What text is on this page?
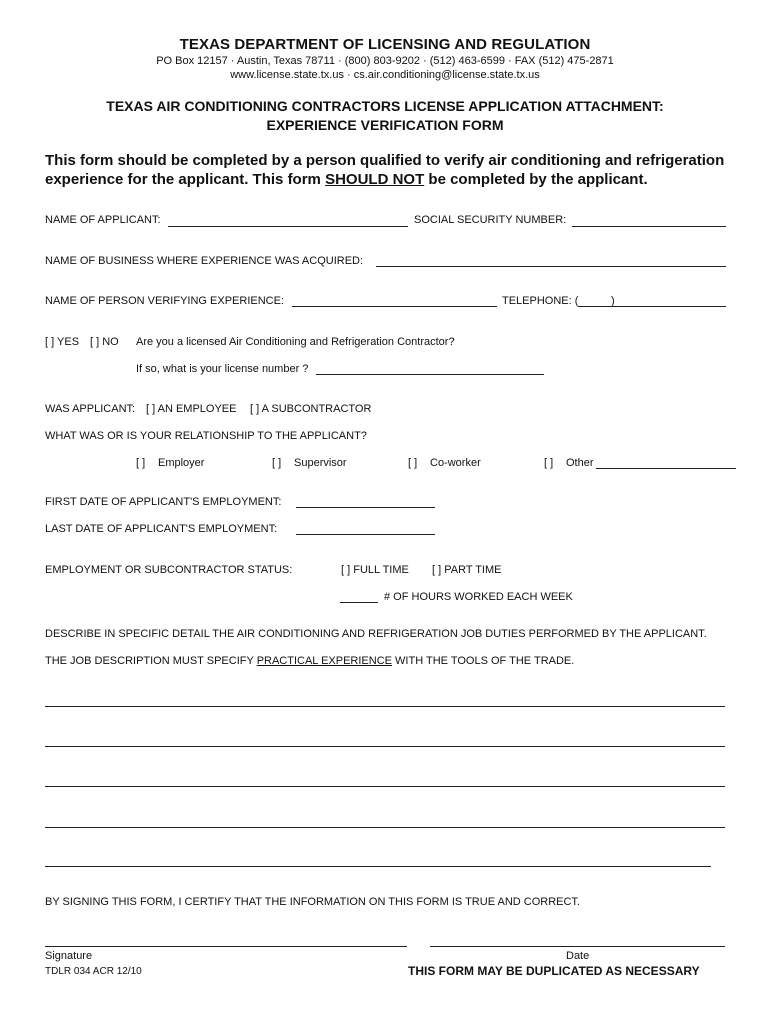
TEXAS DEPARTMENT OF LICENSING AND REGULATION
PO Box 12157 · Austin, Texas 78711 · (800) 803-9202 · (512) 463-6599 · FAX (512) 475-2871
www.license.state.tx.us · cs.air.conditioning@license.state.tx.us
TEXAS AIR CONDITIONING CONTRACTORS LICENSE APPLICATION ATTACHMENT:
EXPERIENCE VERIFICATION FORM
This form should be completed by a person qualified to verify air conditioning and refrigeration
experience for the applicant. This form SHOULD NOT be completed by the applicant.
NAME OF APPLICANT:	SOCIAL SECURITY NUMBER:
NAME OF BUSINESS WHERE EXPERIENCE WAS ACQUIRED:
NAME OF PERSON VERIFYING EXPERIENCE:	TELEPHONE: (	)
[ ] YES [ ] NO Are you a licensed Air Conditioning and Refrigeration Contractor?
If so, what is your license number ?
WAS APPLICANT: [ ] AN EMPLOYEE [ ] A SUBCONTRACTOR
WHAT WAS OR IS YOUR RELATIONSHIP TO THE APPLICANT?
[ ] Employer	[ ] Supervisor	[ ] Co-worker	[ ] Other
FIRST DATE OF APPLICANT'S EMPLOYMENT:
LAST DATE OF APPLICANT'S EMPLOYMENT:
EMPLOYMENT OR SUBCONTRACTOR STATUS:	[ ] FULL TIME [ ] PART TIME
# OF HOURS WORKED EACH WEEK
DESCRIBE IN SPECIFIC DETAIL THE AIR CONDITIONING AND REFRIGERATION JOB DUTIES PERFORMED BY THE APPLICANT.
THE JOB DESCRIPTION MUST SPECIFY PRACTICAL EXPERIENCE WITH THE TOOLS OF THE TRADE.
BY SIGNING THIS FORM, I CERTIFY THAT THE INFORMATION ON THIS FORM IS TRUE AND CORRECT.
Signature	Date
TDLR 034 ACR 12/10	THIS FORM MAY BE DUPLICATED AS NECESSARY
